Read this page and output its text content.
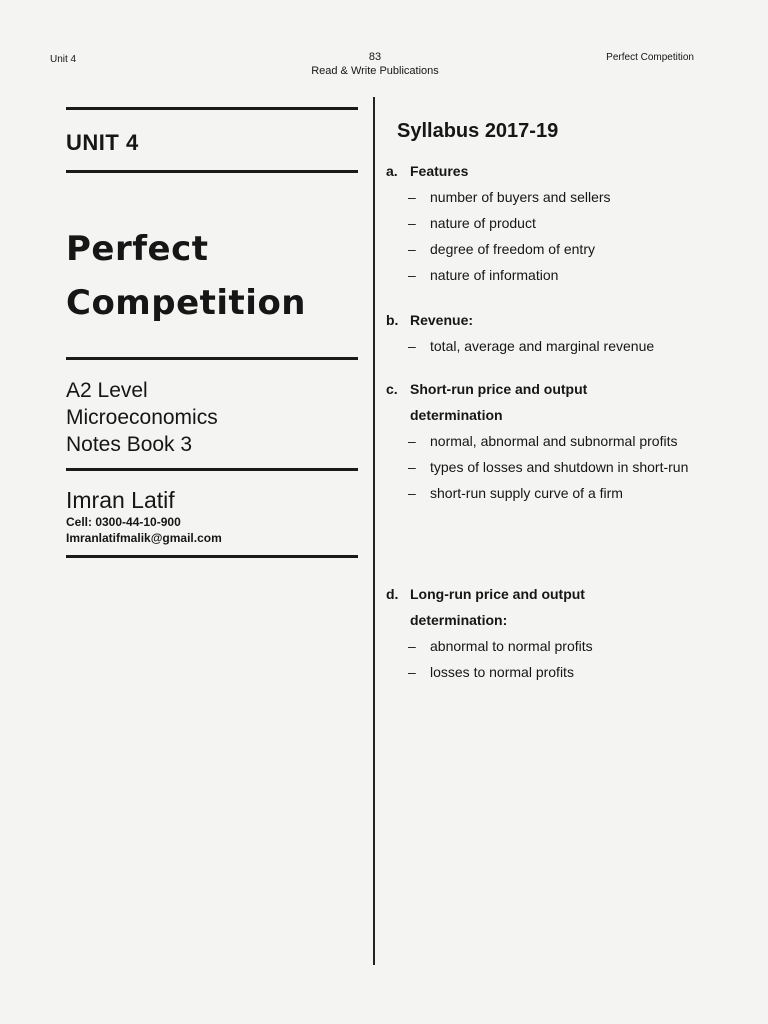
Unit 4	83
Read & Write Publications
Perfect Competition
UNIT 4
Perfect
Competition
A2 Level
Microeconomics
Notes Book 3
Imran Latif
Cell: 0300-44-10-900
Imranlatifmalik@gmail.com
Syllabus 2017-19
a. Features
–	number of buyers and sellers
–	nature of product
–	degree of freedom of entry
–	nature of information
b. Revenue:
–	total, average and marginal revenue
c. Short-run price and output determination
–	normal, abnormal and subnormal profits
–	types of losses and shutdown in short-run
–	short-run supply curve of a firm
d. Long-run price and output determination:
–	abnormal to normal profits
–	losses to normal profits
